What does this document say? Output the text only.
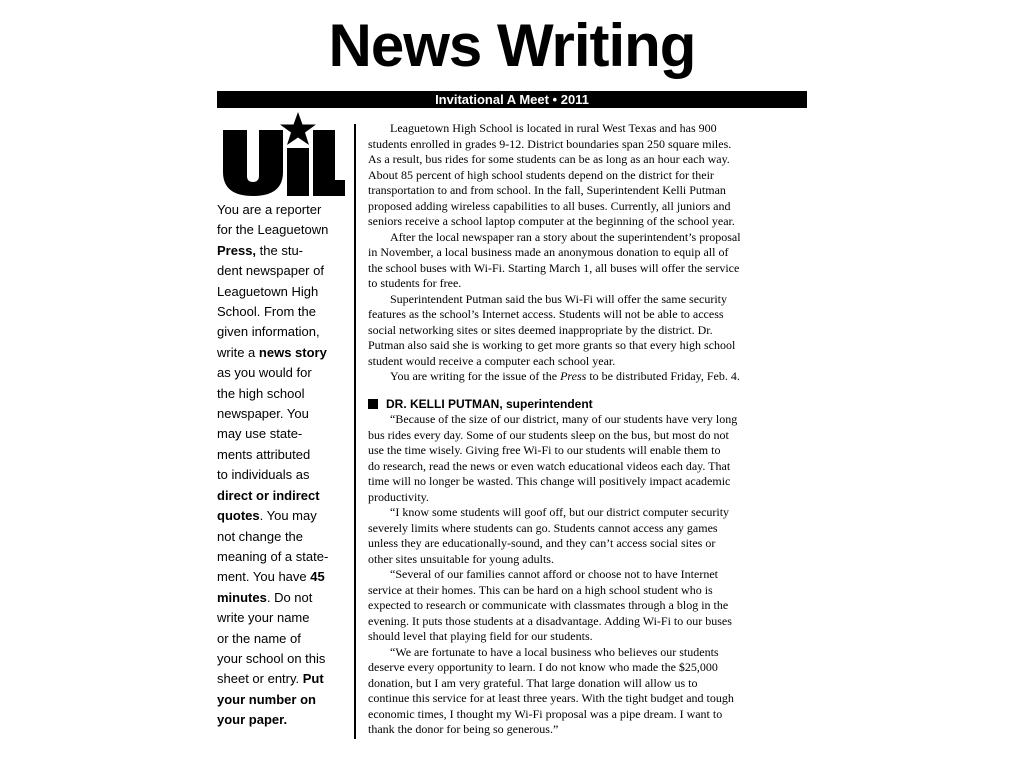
News Writing
Invitational A Meet • 2011
You are a reporter
for the Leaguetown
Press, the stu-
dent newspaper of
Leaguetown High
School. From the
given information,
write a news story
as you would for
the high school
newspaper. You
may use state-
ments attributed
to individuals as
direct or indirect
quotes. You may
not change the
meaning of a state-
ment. You have 45
minutes. Do not
write your name
or the name of
your school on this
sheet or entry. Put
your number on
your paper.
Leaguetown High School is located in rural West Texas and has 900
students enrolled in grades 9-12. District boundaries span 250 square miles.
As a result, bus rides for some students can be as long as an hour each way.
About 85 percent of high school students depend on the district for their
transportation to and from school. In the fall, Superintendent Kelli Putman
proposed adding wireless capabilities to all buses. Currently, all juniors and
seniors receive a school laptop computer at the beginning of the school year.
After the local newspaper ran a story about the superintendent’s proposal
in November, a local business made an anonymous donation to equip all of
the school buses with Wi-Fi. Starting March 1, all buses will offer the service
to students for free.
Superintendent Putman said the bus Wi-Fi will offer the same security
features as the school’s Internet access. Students will not be able to access
social networking sites or sites deemed inappropriate by the district. Dr.
Putman also said she is working to get more grants so that every high school
student would receive a computer each school year.
You are writing for the issue of the Press to be distributed Friday, Feb. 4.
DR. KELLI PUTMAN, superintendent
“Because of the size of our district, many of our students have very long
bus rides every day. Some of our students sleep on the bus, but most do not
use the time wisely. Giving free Wi-Fi to our students will enable them to
do research, read the news or even watch educational videos each day. That
time will no longer be wasted. This change will positively impact academic
productivity.
“I know some students will goof off, but our district computer security
severely limits where students can go. Students cannot access any games
unless they are educationally-sound, and they can’t access social sites or
other sites unsuitable for young adults.
“Several of our families cannot afford or choose not to have Internet
service at their homes. This can be hard on a high school student who is
expected to research or communicate with classmates through a blog in the
evening. It puts those students at a disadvantage. Adding Wi-Fi to our buses
should level that playing field for our students.
“We are fortunate to have a local business who believes our students
deserve every opportunity to learn. I do not know who made the $25,000
donation, but I am very grateful. That large donation will allow us to
continue this service for at least three years. With the tight budget and tough
economic times, I thought my Wi-Fi proposal was a pipe dream. I want to
thank the donor for being so generous.”
